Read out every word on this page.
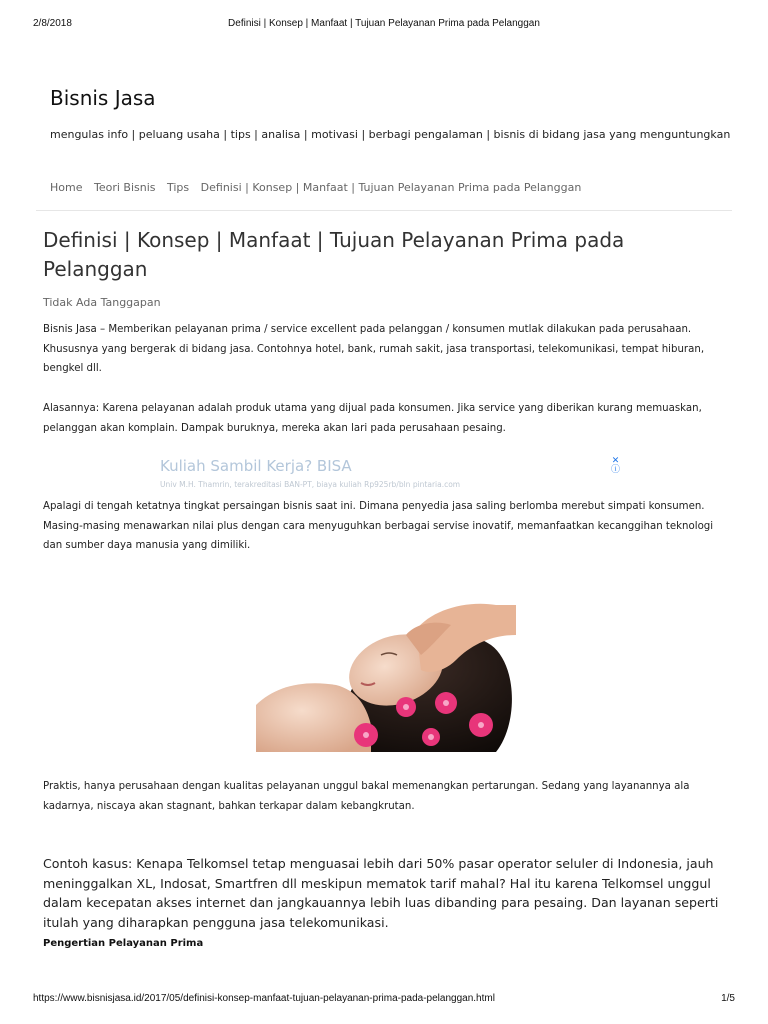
2/8/2018	Definisi | Konsep | Manfaat | Tujuan Pelayanan Prima pada Pelanggan
Bisnis Jasa
mengulas info | peluang usaha | tips | analisa | motivasi | berbagi pengalaman | bisnis di bidang jasa yang menguntungkan
Home Teori Bisnis Tips Definisi | Konsep | Manfaat | Tujuan Pelayanan Prima pada Pelanggan
Definisi | Konsep | Manfaat | Tujuan Pelayanan Prima pada Pelanggan
Tidak Ada Tanggapan

Bisnis Jasa – Memberikan pelayanan prima / service excellent pada pelanggan / konsumen mutlak dilakukan pada perusahaan. Khususnya yang bergerak di bidang jasa. Contohnya hotel, bank, rumah sakit, jasa transportasi, telekomunikasi, tempat hiburan, bengkel dll.

Alasannya: Karena pelayanan adalah produk utama yang dijual pada konsumen. Jika service yang diberikan kurang memuaskan, pelanggan akan komplain. Dampak buruknya, mereka akan lari pada perusahaan pesaing.

Kuliah Sambil Kerja? BISA
Univ M.H. Thamrin, terakreditasi BAN-PT, biaya kuliah Rp925rb/bln pintaria.com
✕
ⓘ

Apalagi di tengah ketatnya tingkat persaingan bisnis saat ini. Dimana penyedia jasa saling berlomba merebut simpati konsumen. Masing-masing menawarkan nilai plus dengan cara menyuguhkan berbagai servise inovatif, memanfaatkan kecanggihan teknologi dan sumber daya manusia yang dimiliki.

Praktis, hanya perusahaan dengan kualitas pelayanan unggul bakal memenangkan pertarungan. Sedang yang layanannya ala kadarnya, niscaya akan stagnant, bahkan terkapar dalam kebangkrutan.

Contoh kasus: Kenapa Telkomsel tetap menguasai lebih dari 50% pasar operator seluler di Indonesia, jauh meninggalkan XL, Indosat, Smartfren dll meskipun mematok tarif mahal? Hal itu karena Telkomsel unggul dalam kecepatan akses internet dan jangkauannya lebih luas dibanding para pesaing. Dan layanan seperti itulah yang diharapkan pengguna jasa telekomunikasi.

Pengertian Pelayanan Prima
https://www.bisnisjasa.id/2017/05/definisi-konsep-manfaat-tujuan-pelayanan-prima-pada-pelanggan.html	1/5
